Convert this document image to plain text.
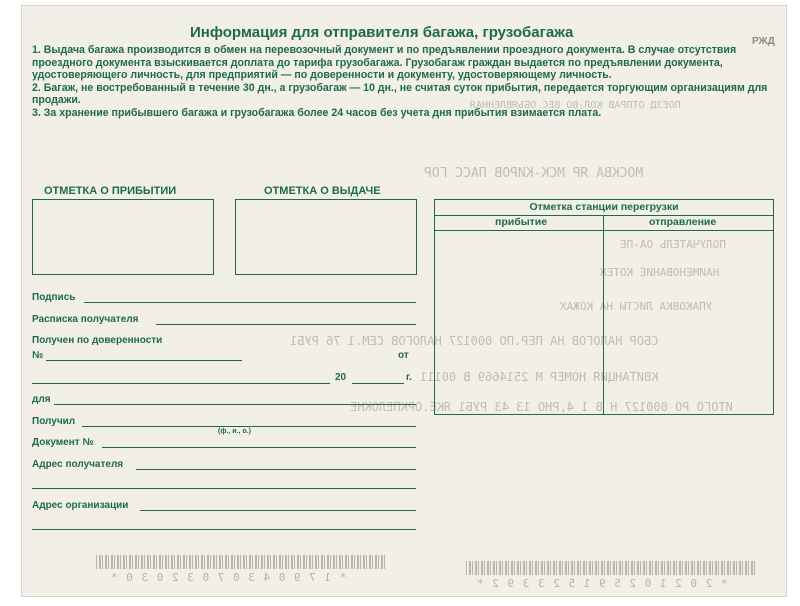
ПОЕЗД ОТПРАВ КОЛ-ВО ВЕС ОБЪЯВЛЕННАЯ
МОСКВА ЯР МСК-КИРОВ ПАСС ГОР
ПОЛУЧАТЕЛЬ ОА-ПЕ
НАИМЕНОВАНИЕ КОТЕЖ
УПАКОВКА ЛИСТЫ НА КОЖАХ
СБОР НАЛОГОВ НА ПЕР.ПО 000127 НАЛОГОВ СЕМ.1 76 РУБ1
КВИТАНЦИЯ НОМЕР М 2514669 В 00111
ИТОГО РО 000127 Н В 1 4,РНО 13 43 РУБ1 ЯКЕ.ОРКПЕЛОКНЕ
РЖД
Информация для отправителя багажа, грузобагажа

1. Выдача багажа производится в обмен на перевозочный документ и по предъявлении проездного документа. В случае отсутствия проездного документа взыскивается доплата до тарифа грузобагажа. Грузобагаж граждан выдается по предъявлении документа, удостоверяющего личность, для предприятий — по доверенности и документу, удостоверяющему личность.

2. Багаж, не востребованный в течение 30 дн., а грузобагаж — 10 дн., не считая суток прибытия, передается торгующим организациям для продажи.

3. За хранение прибывшего багажа и грузобагажа более 24 часов без учета дня прибытия взимается плата.

ОТМЕТКА О ПРИБЫТИИ	ОТМЕТКА О ВЫДАЧЕ
Отметка станции перегрузки
прибытие	отправление
Подпись
Расписка получателя
Получен по доверенности
№	от
20	г.
для
Получил
(ф., и., о.)
Документ №
Адрес получателя
Адрес организации
* 1 7 9 0 4 3 0 7 0 3 2 0 3 0 *	* 2 0 2 1 0 2 5 9 1 5 2 3 3 9 2 *
